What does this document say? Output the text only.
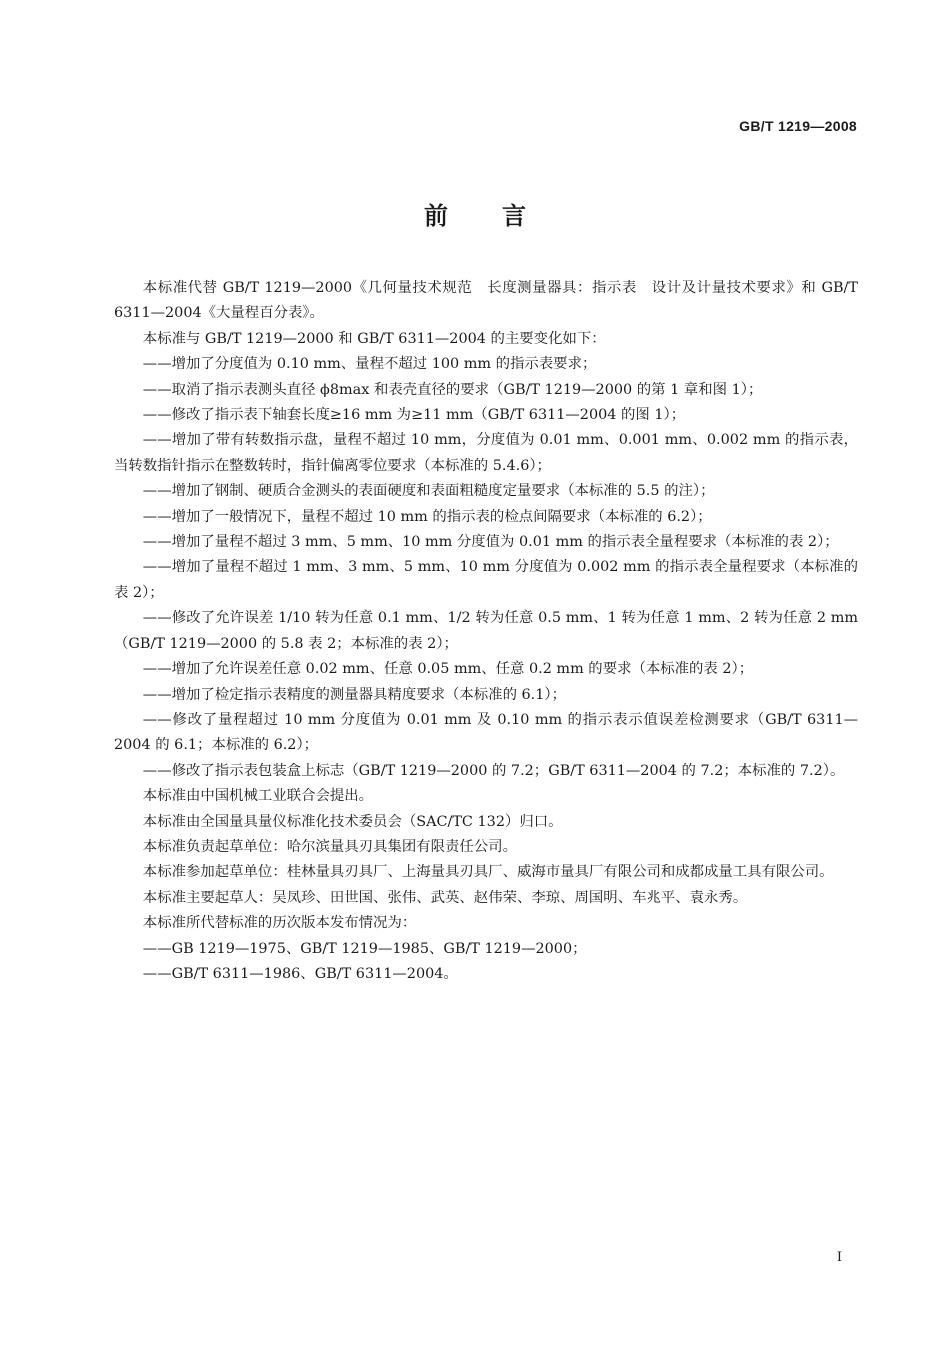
GB/T 1219—2008
前言

本标准代替 GB/T 1219—2000《几何量技术规范　长度测量器具：指示表　设计及计量技术要求》和 GB/T 6311—2004《大量程百分表》。

本标准与 GB/T 1219—2000 和 GB/T 6311—2004 的主要变化如下：

——增加了分度值为 0.10 mm、量程不超过 100 mm 的指示表要求；

——取消了指示表测头直径 ϕ8max 和表壳直径的要求（GB/T 1219—2000 的第 1 章和图 1）；

——修改了指示表下轴套长度≥16 mm 为≥11 mm（GB/T 6311—2004 的图 1）；

——增加了带有转数指示盘，量程不超过 10 mm，分度值为 0.01 mm、0.001 mm、0.002 mm 的指示表，当转数指针指示在整数转时，指针偏离零位要求（本标准的 5.4.6）；

——增加了钢制、硬质合金测头的表面硬度和表面粗糙度定量要求（本标准的 5.5 的注）；

——增加了一般情况下，量程不超过 10 mm 的指示表的检点间隔要求（本标准的 6.2）；

——增加了量程不超过 3 mm、5 mm、10 mm 分度值为 0.01 mm 的指示表全量程要求（本标准的表 2）；

——增加了量程不超过 1 mm、3 mm、5 mm、10 mm 分度值为 0.002 mm 的指示表全量程要求（本标准的表 2）；

——修改了允许误差 1/10 转为任意 0.1 mm、1/2 转为任意 0.5 mm、1 转为任意 1 mm、2 转为任意 2 mm（GB/T 1219—2000 的 5.8 表 2；本标准的表 2）；

——增加了允许误差任意 0.02 mm、任意 0.05 mm、任意 0.2 mm 的要求（本标准的表 2）；

——增加了检定指示表精度的测量器具精度要求（本标准的 6.1）；

——修改了量程超过 10 mm 分度值为 0.01 mm 及 0.10 mm 的指示表示值误差检测要求（GB/T 6311—2004 的 6.1；本标准的 6.2）；

——修改了指示表包装盒上标志（GB/T 1219—2000 的 7.2；GB/T 6311—2004 的 7.2；本标准的 7.2）。

本标准由中国机械工业联合会提出。

本标准由全国量具量仪标准化技术委员会（SAC/TC 132）归口。

本标准负责起草单位：哈尔滨量具刃具集团有限责任公司。

本标准参加起草单位：桂林量具刃具厂、上海量具刃具厂、威海市量具厂有限公司和成都成量工具有限公司。

本标准主要起草人：吴凤珍、田世国、张伟、武英、赵伟荣、李琼、周国明、车兆平、袁永秀。

本标准所代替标准的历次版本发布情况为：

——GB 1219—1975、GB/T 1219—1985、GB/T 1219—2000；

——GB/T 6311—1986、GB/T 6311—2004。

I
